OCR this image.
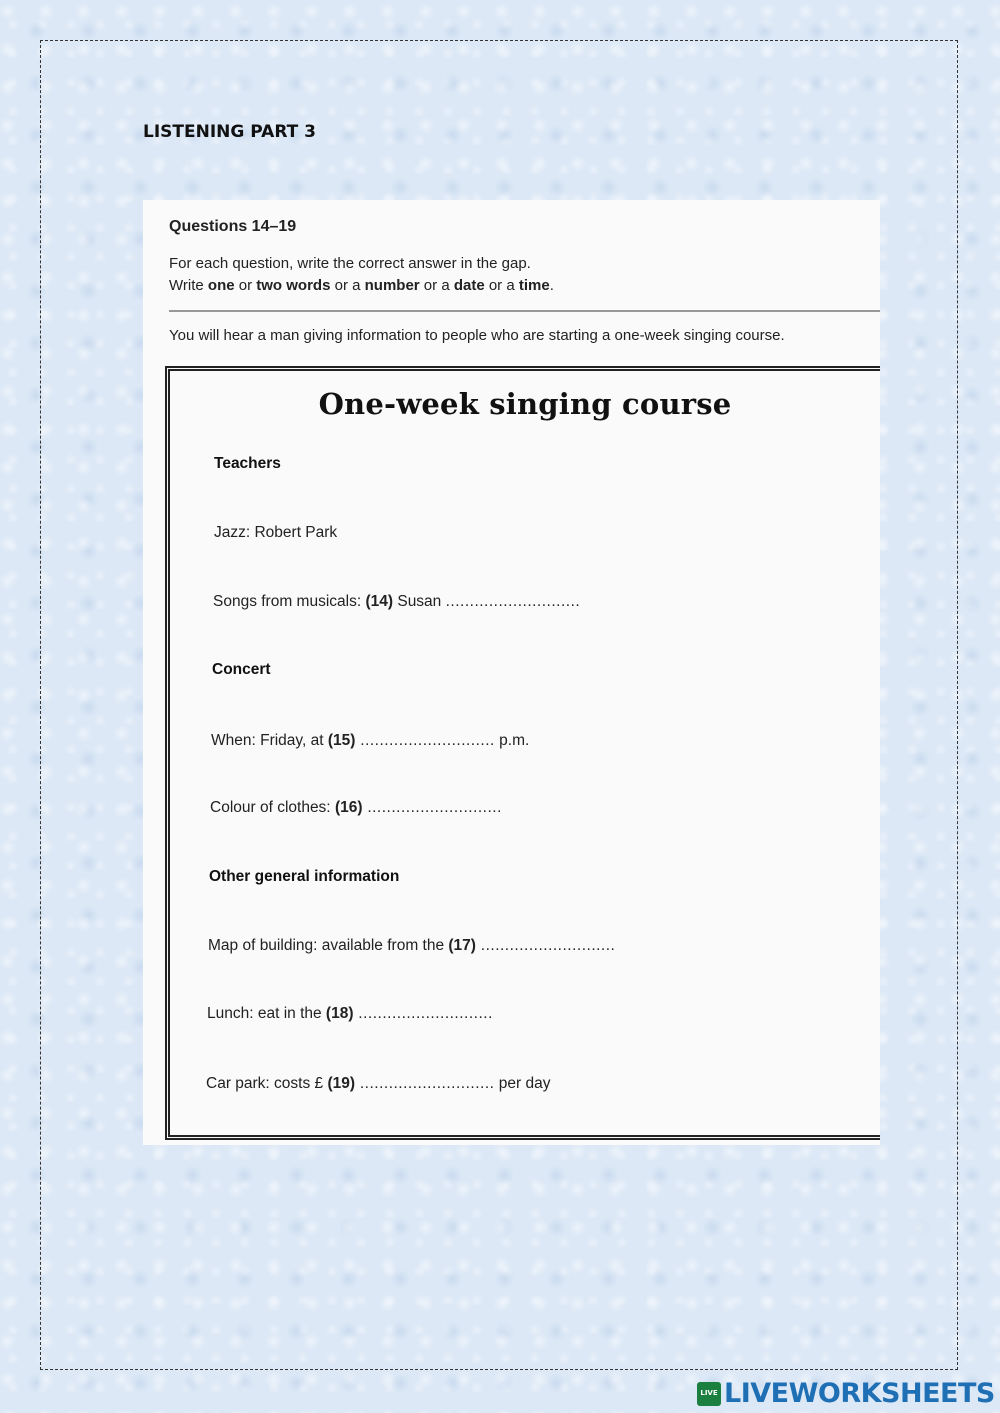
LISTENING PART 3
Questions 14–19
For each question, write the correct answer in the gap.
Write one or two words or a number or a date or a time.
You will hear a man giving information to people who are starting a one-week singing course.
One-week singing course
Teachers
Jazz: Robert Park
Songs from musicals: (14) Susan ............................
Concert
When: Friday, at (15) ............................ p.m.
Colour of clothes: (16) ............................
Other general information
Map of building: available from the (17) ............................
Lunch: eat in the (18) ............................
Car park: costs £ (19) ............................ per day
LIVE LIVEWORKSHEETS
